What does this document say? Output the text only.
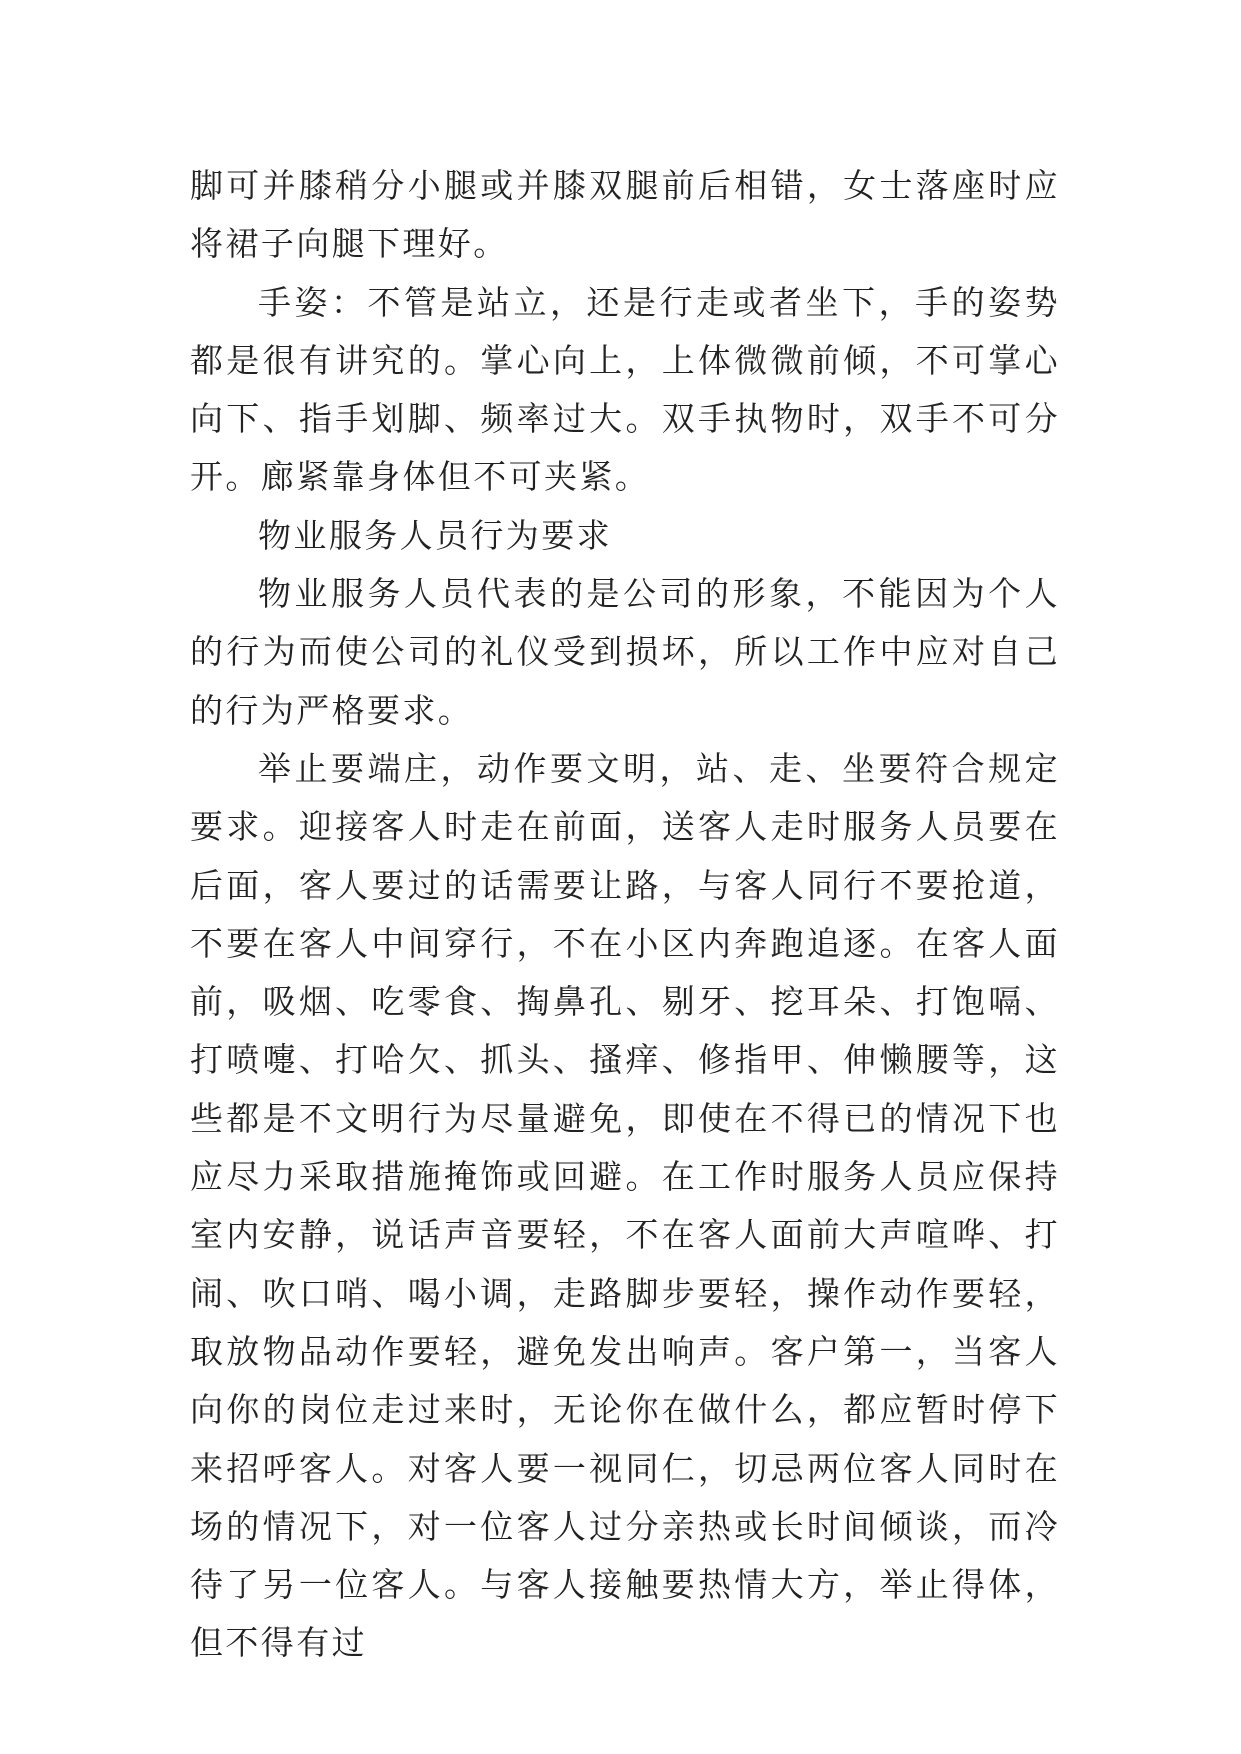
脚可并膝稍分小腿或并膝双腿前后相错，女士落座时应将裙子向腿下理好。

手姿：不管是站立，还是行走或者坐下，手的姿势都是很有讲究的。掌心向上，上体微微前倾，不可掌心向下、指手划脚、频率过大。双手执物时，双手不可分开。廊紧靠身体但不可夹紧。

物业服务人员行为要求

物业服务人员代表的是公司的形象，不能因为个人的行为而使公司的礼仪受到损坏，所以工作中应对自己的行为严格要求。

举止要端庄，动作要文明，站、走、坐要符合规定要求。迎接客人时走在前面，送客人走时服务人员要在后面，客人要过的话需要让路，与客人同行不要抢道，不要在客人中间穿行，不在小区内奔跑追逐。在客人面前，吸烟、吃零食、掏鼻孔、剔牙、挖耳朵、打饱嗝、打喷嚏、打哈欠、抓头、搔痒、修指甲、伸懒腰等，这些都是不文明行为尽量避免，即使在不得已的情况下也应尽力采取措施掩饰或回避。在工作时服务人员应保持室内安静，说话声音要轻，不在客人面前大声喧哗、打闹、吹口哨、喝小调，走路脚步要轻，操作动作要轻，取放物品动作要轻，避免发出响声。客户第一，当客人向你的岗位走过来时，无论你在做什么，都应暂时停下来招呼客人。对客人要一视同仁，切忌两位客人同时在场的情况下，对一位客人过分亲热或长时间倾谈，而冷待了另一位客人。与客人接触要热情大方，举止得体，但不得有过
